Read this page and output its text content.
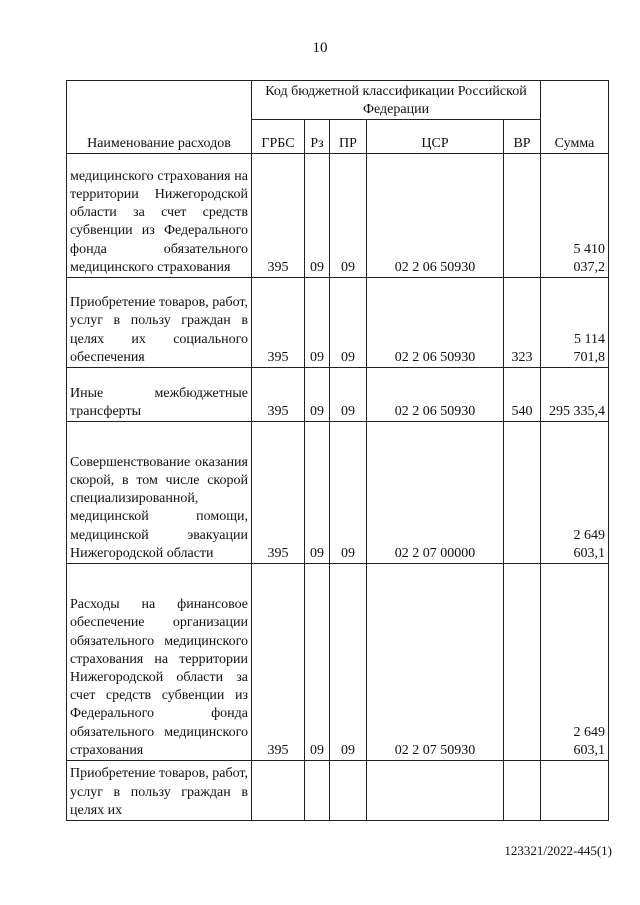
10
Наименование расходов	Код бюджетной классификации Российской Федерации					Сумма
	ГРБС	Рз	ПР	ЦСР	ВР	
медицинского страхования на территории Нижегородской области за счет средств субвенции из Федерального фонда обязательного медицинского страхования	395	09	09	02 2 06 50930		5 410 037,2
Приобретение товаров, работ, услуг в пользу граждан в целях их социального обеспечения	395	09	09	02 2 06 50930	323	5 114 701,8
Иные межбюджетные трансферты	395	09	09	02 2 06 50930	540	295 335,4
Совершенствование оказания скорой, в том числе скорой специализированной, медицинской помощи, медицинской эвакуации Нижегородской области	395	09	09	02 2 07 00000		2 649 603,1
Расходы на финансовое обеспечение организации обязательного медицинского страхования на территории Нижегородской области за счет средств субвенции из Федерального фонда обязательного медицинского страхования	395	09	09	02 2 07 50930		2 649 603,1
Приобретение товаров, работ, услуг в пользу граждан в целях их						
123321/2022-445(1)
